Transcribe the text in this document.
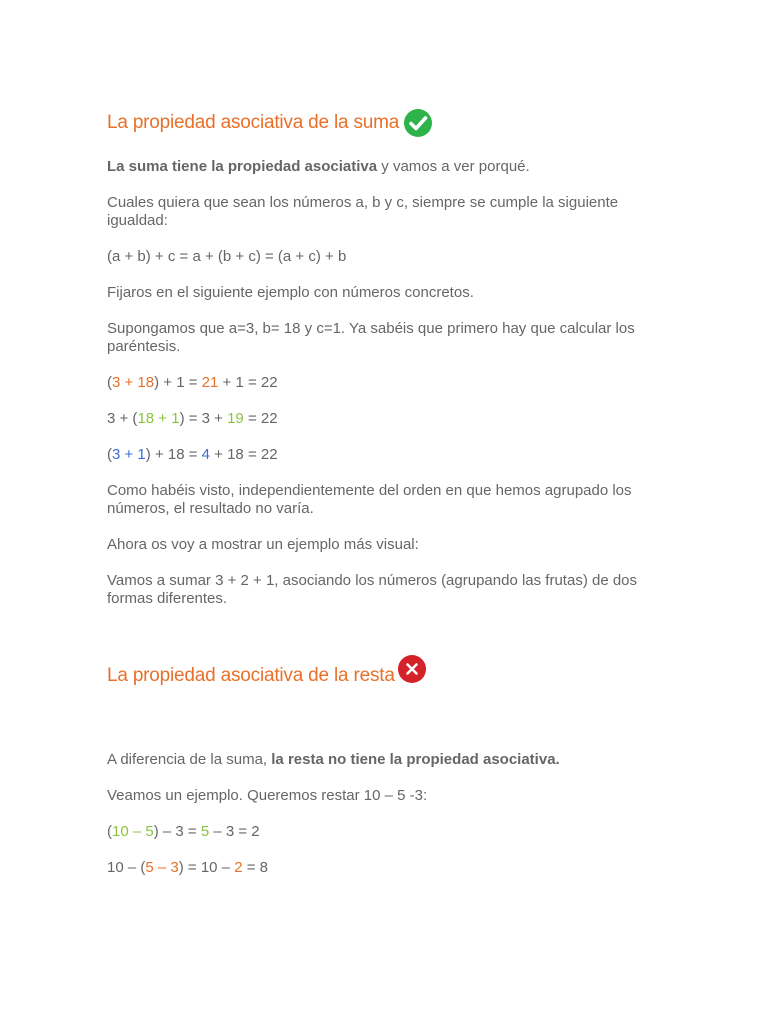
La propiedad asociativa de la suma

La suma tiene la propiedad asociativa y vamos a ver porqué.

Cuales quiera que sean los números a, b y c, siempre se cumple la siguiente igualdad:

(a + b) + c = a + (b + c) = (a + c) + b

Fijaros en el siguiente ejemplo con números concretos.

Supongamos que a=3, b= 18 y c=1. Ya sabéis que primero hay que calcular los paréntesis.

(3 + 18) + 1 = 21 + 1 = 22

3 + (18 + 1) = 3 + 19 = 22

(3 + 1) + 18 = 4 + 18 = 22

Como habéis visto, independientemente del orden en que hemos agrupado los números, el resultado no varía.

Ahora os voy a mostrar un ejemplo más visual:

Vamos a sumar 3 + 2 + 1, asociando los números (agrupando las frutas) de dos formas diferentes.

La propiedad asociativa de la resta

A diferencia de la suma, la resta no tiene la propiedad asociativa.

Veamos un ejemplo. Queremos restar 10 – 5 -3:

(10 – 5) – 3 = 5 – 3 = 2

10 – (5 – 3) = 10 – 2 = 8
